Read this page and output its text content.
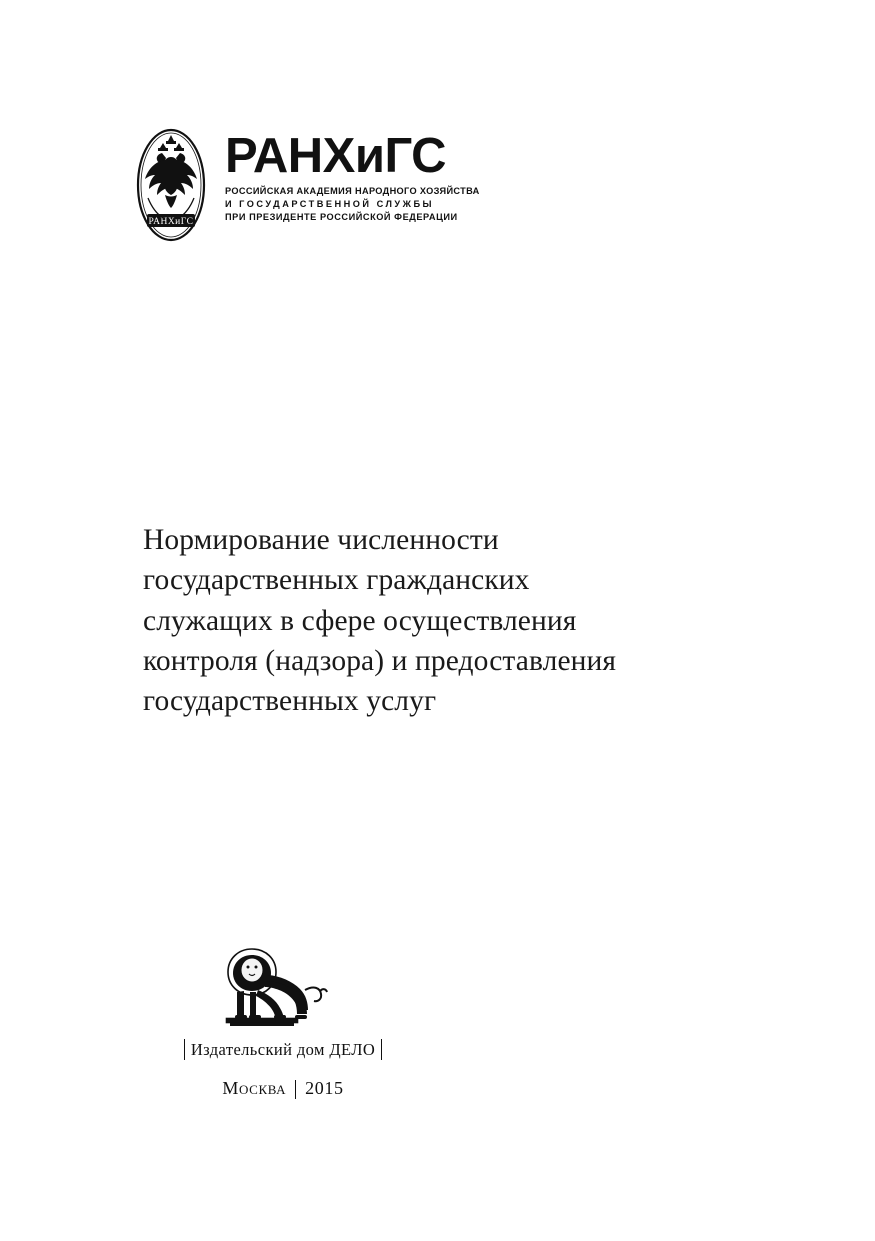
РАНХиГС
РАНХиГС
РОССИЙСКАЯ АКАДЕМИЯ НАРОДНОГО ХОЗЯЙСТВА
И ГОСУДАРСТВЕННОЙ СЛУЖБЫ
ПРИ ПРЕЗИДЕНТЕ РОССИЙСКОЙ ФЕДЕРАЦИИ
Нормирование численности
государственных гражданских
служащих в сфере осуществления
контроля (надзора) и предоставления
государственных услуг
Издательский дом ДЕЛО
Москва 2015
